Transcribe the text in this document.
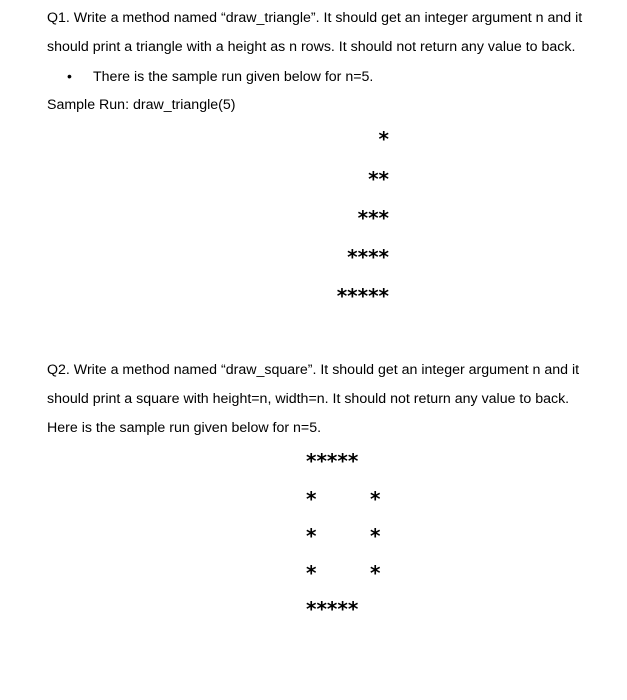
Q1. Write a method named “draw_triangle”. It should get an integer argument n and it
should print a triangle with a height as n rows. It should not return any value to back.
• There is the sample run given below for n=5.
Sample Run: draw_triangle(5)
*
**
***
****
*****
Q2. Write a method named “draw_square”. It should get an integer argument n and it
should print a square with height=n, width=n. It should not return any value to back.
Here is the sample run given below for n=5.
*****
*	*
*	*
*	*
*****
